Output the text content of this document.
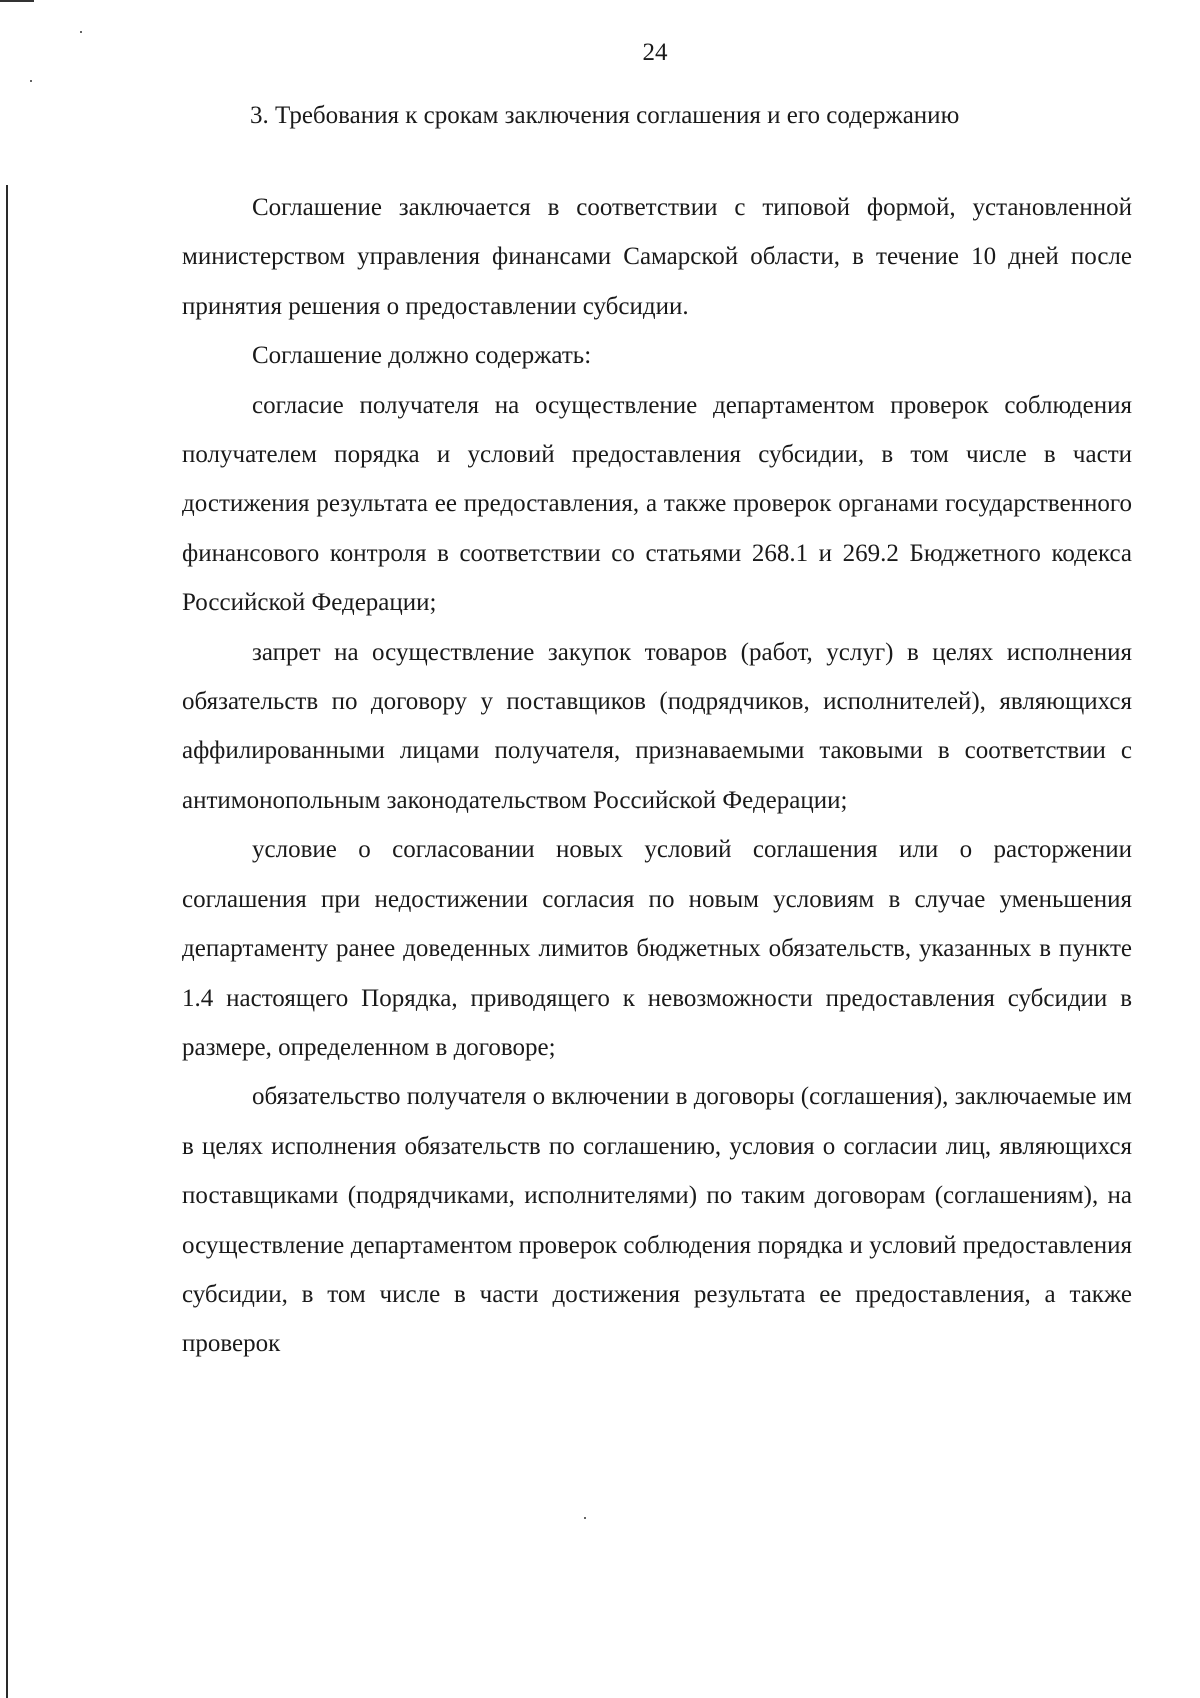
24
3. Требования к срокам заключения соглашения и его содержанию

Соглашение заключается в соответствии с типовой формой, установленной министерством управления финансами Самарской области, в течение 10 дней после принятия решения о предоставлении субсидии.

Соглашение должно содержать:

согласие получателя на осуществление департаментом проверок соблюдения получателем порядка и условий предоставления субсидии, в том числе в части достижения результата ее предоставления, а также проверок органами государственного финансового контроля в соответствии со статьями 268.1 и 269.2 Бюджетного кодекса Российской Федерации;

запрет на осуществление закупок товаров (работ, услуг) в целях исполнения обязательств по договору у поставщиков (подрядчиков, исполнителей), являющихся аффилированными лицами получателя, признаваемыми таковыми в соответствии с антимонопольным законодательством Российской Федерации;

условие о согласовании новых условий соглашения или о расторжении соглашения при недостижении согласия по новым условиям в случае уменьшения департаменту ранее доведенных лимитов бюджетных обязательств, указанных в пункте 1.4 настоящего Порядка, приводящего к невозможности предоставления субсидии в размере, определенном в договоре;

обязательство получателя о включении в договоры (соглашения), заключаемые им в целях исполнения обязательств по соглашению, условия о согласии лиц, являющихся поставщиками (подрядчиками, исполнителями) по таким договорам (соглашениям), на осуществление департаментом проверок соблюдения порядка и условий предоставления субсидии, в том числе в части достижения результата ее предоставления, а также проверок
